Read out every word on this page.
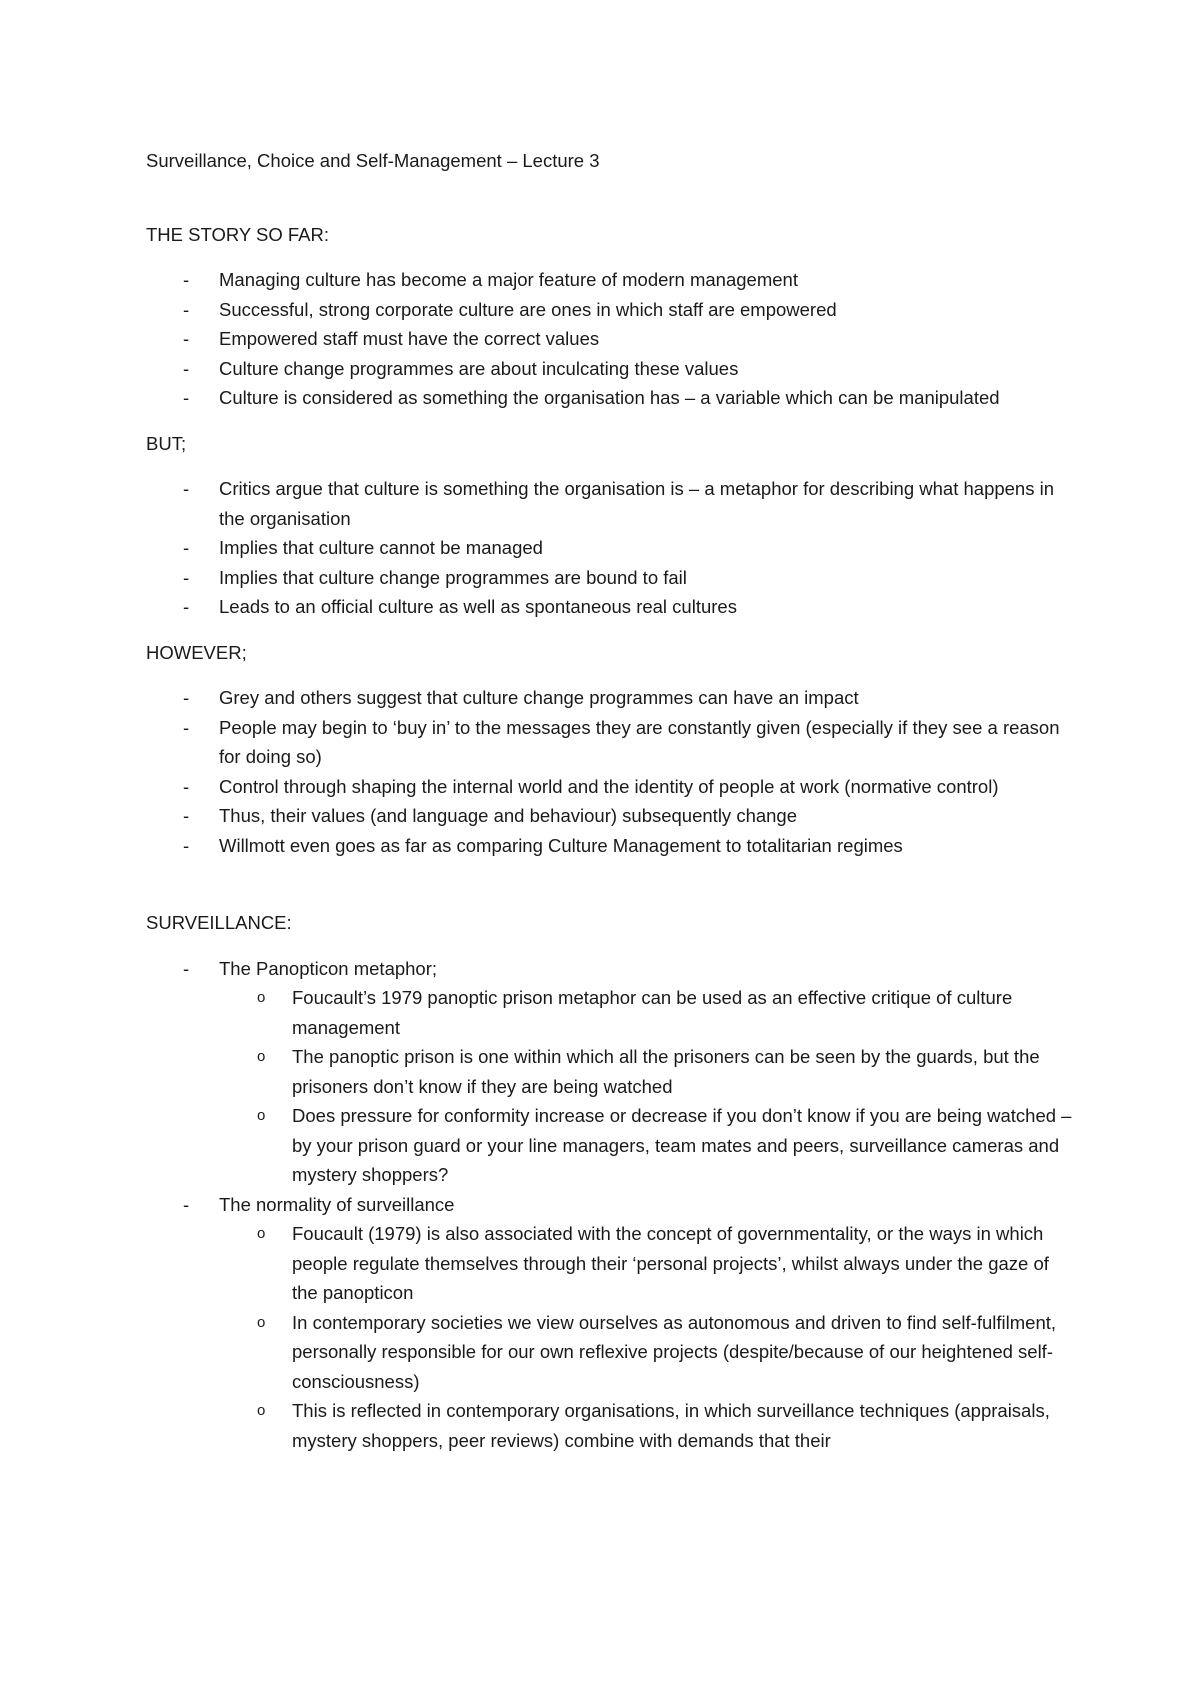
Surveillance, Choice and Self-Management – Lecture 3

THE STORY SO FAR:

- Managing culture has become a major feature of modern management
- Successful, strong corporate culture are ones in which staff are empowered
- Empowered staff must have the correct values
- Culture change programmes are about inculcating these values
- Culture is considered as something the organisation has – a variable which can be manipulated

BUT;

- Critics argue that culture is something the organisation is – a metaphor for describing what happens in the organisation
- Implies that culture cannot be managed
- Implies that culture change programmes are bound to fail
- Leads to an official culture as well as spontaneous real cultures

HOWEVER;

- Grey and others suggest that culture change programmes can have an impact
- People may begin to ‘buy in’ to the messages they are constantly given (especially if they see a reason for doing so)
- Control through shaping the internal world and the identity of people at work (normative control)
- Thus, their values (and language and behaviour) subsequently change
- Willmott even goes as far as comparing Culture Management to totalitarian regimes

SURVEILLANCE:

- The Panopticon metaphor;
o Foucault’s 1979 panoptic prison metaphor can be used as an effective critique of culture management
o The panoptic prison is one within which all the prisoners can be seen by the guards, but the prisoners don’t know if they are being watched
o Does pressure for conformity increase or decrease if you don’t know if you are being watched – by your prison guard or your line managers, team mates and peers, surveillance cameras and mystery shoppers?
- The normality of surveillance
o Foucault (1979) is also associated with the concept of governmentality, or the ways in which people regulate themselves through their ‘personal projects’, whilst always under the gaze of the panopticon
o In contemporary societies we view ourselves as autonomous and driven to find self-fulfilment, personally responsible for our own reflexive projects (despite/because of our heightened self-consciousness)
o This is reflected in contemporary organisations, in which surveillance techniques (appraisals, mystery shoppers, peer reviews) combine with demands that their
